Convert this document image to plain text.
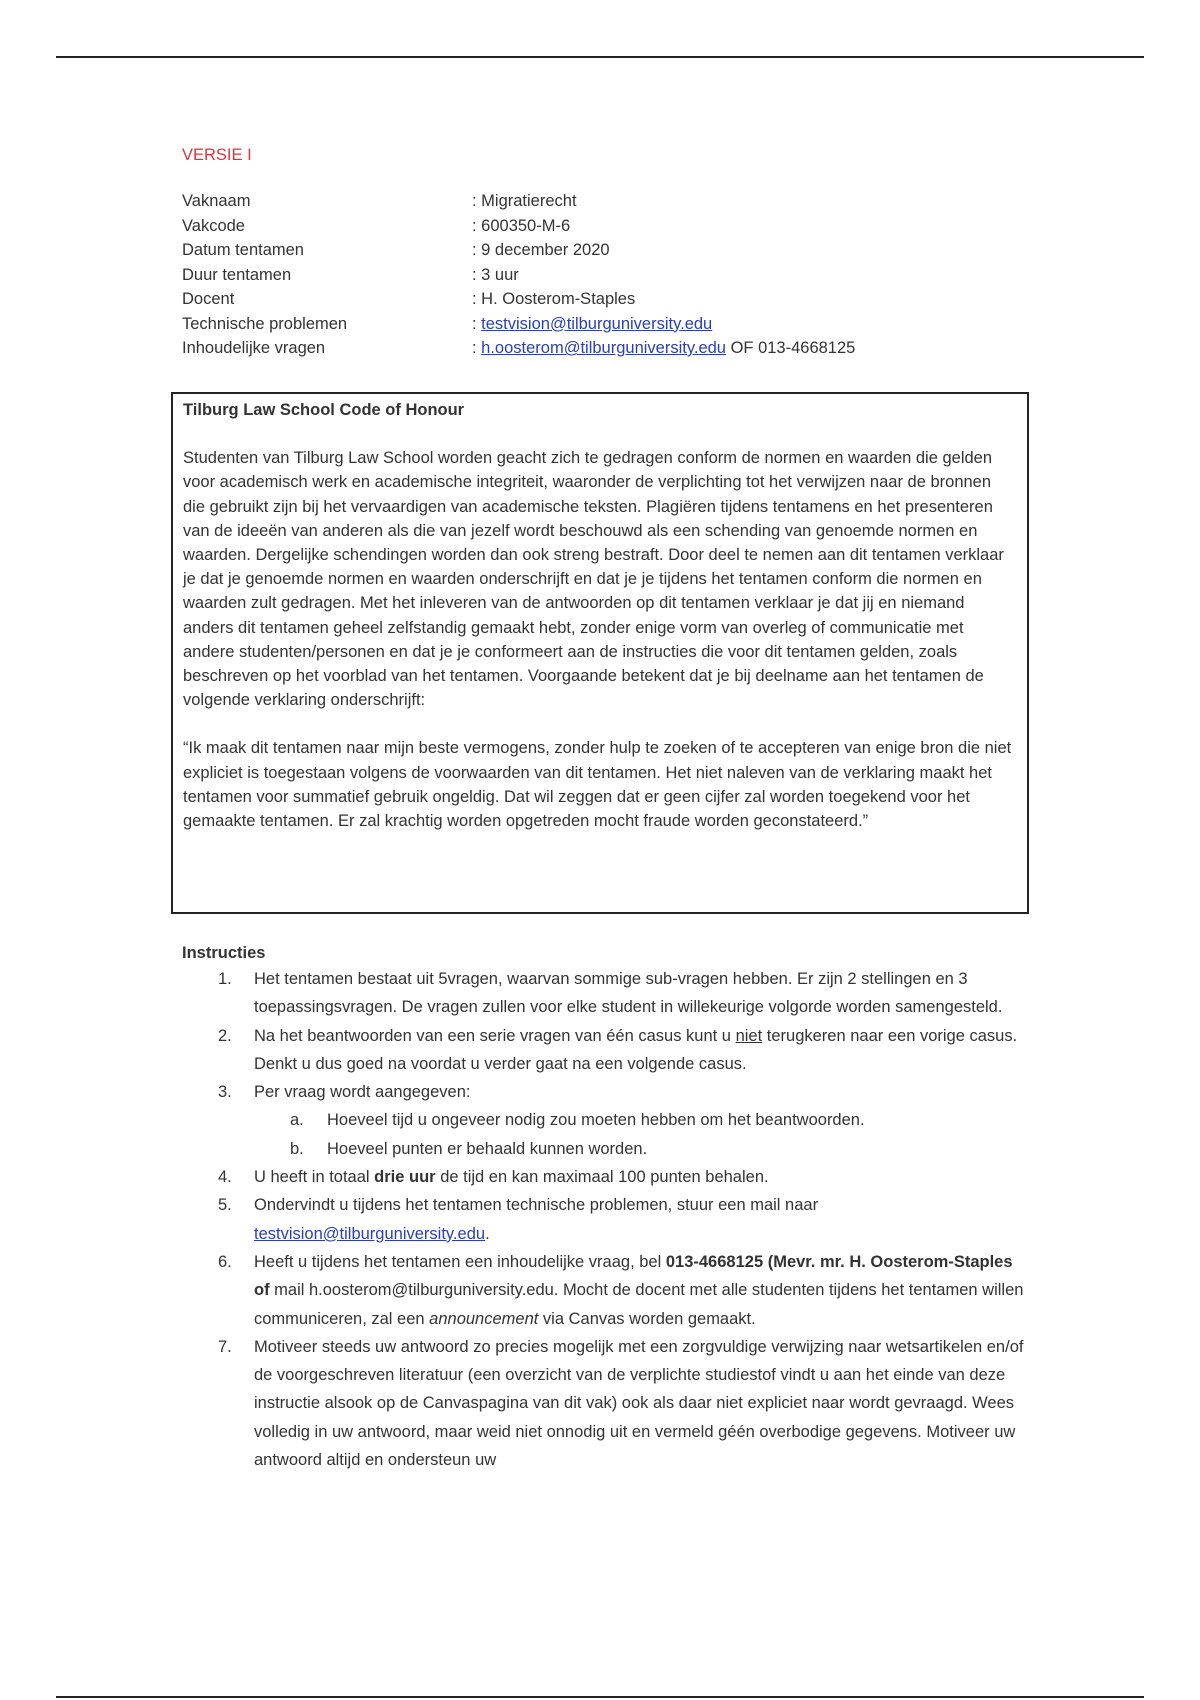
VERSIE I
Vaknaam	: Migratierecht
Vakcode	: 600350-M-6
Datum tentamen	: 9 december 2020
Duur tentamen	: 3 uur
Docent	: H. Oosterom-Staples
Technische problemen	: testvision@tilburguniversity.edu
Inhoudelijke vragen	: h.oosterom@tilburguniversity.edu OF 013-4668125
Tilburg Law School Code of Honour

Studenten van Tilburg Law School worden geacht zich te gedragen conform de normen en waarden die gelden voor academisch werk en academische integriteit, waaronder de verplichting tot het verwijzen naar de bronnen die gebruikt zijn bij het vervaardigen van academische teksten. Plagiëren tijdens tentamens en het presenteren van de ideeën van anderen als die van jezelf wordt beschouwd als een schending van genoemde normen en waarden. Dergelijke schendingen worden dan ook streng bestraft. Door deel te nemen aan dit tentamen verklaar je dat je genoemde normen en waarden onderschrijft en dat je je tijdens het tentamen conform die normen en waarden zult gedragen. Met het inleveren van de antwoorden op dit tentamen verklaar je dat jij en niemand anders dit tentamen geheel zelfstandig gemaakt hebt, zonder enige vorm van overleg of communicatie met andere studenten/personen en dat je je conformeert aan de instructies die voor dit tentamen gelden, zoals beschreven op het voorblad van het tentamen. Voorgaande betekent dat je bij deelname aan het tentamen de volgende verklaring onderschrijft:

“Ik maak dit tentamen naar mijn beste vermogens, zonder hulp te zoeken of te accepteren van enige bron die niet expliciet is toegestaan volgens de voorwaarden van dit tentamen. Het niet naleven van de verklaring maakt het tentamen voor summatief gebruik ongeldig. Dat wil zeggen dat er geen cijfer zal worden toegekend voor het gemaakte tentamen. Er zal krachtig worden opgetreden mocht fraude worden geconstateerd.”

Instructies
1. Het tentamen bestaat uit 5vragen, waarvan sommige sub-vragen hebben. Er zijn 2 stellingen en 3 toepassingsvragen. De vragen zullen voor elke student in willekeurige volgorde worden samengesteld.
2. Na het beantwoorden van een serie vragen van één casus kunt u niet terugkeren naar een vorige casus. Denkt u dus goed na voordat u verder gaat na een volgende casus.
3. Per vraag wordt aangegeven:
a. Hoeveel tijd u ongeveer nodig zou moeten hebben om het beantwoorden.
b. Hoeveel punten er behaald kunnen worden.
4. U heeft in totaal drie uur de tijd en kan maximaal 100 punten behalen.
5. Ondervindt u tijdens het tentamen technische problemen, stuur een mail naar testvision@tilburguniversity.edu.
6. Heeft u tijdens het tentamen een inhoudelijke vraag, bel 013-4668125 (Mevr. mr. H. Oosterom-Staples of mail h.oosterom@tilburguniversity.edu. Mocht de docent met alle studenten tijdens het tentamen willen communiceren, zal een announcement via Canvas worden gemaakt.
7. Motiveer steeds uw antwoord zo precies mogelijk met een zorgvuldige verwijzing naar wetsartikelen en/of de voorgeschreven literatuur (een overzicht van de verplichte studiestof vindt u aan het einde van deze instructie alsook op de Canvaspagina van dit vak) ook als daar niet expliciet naar wordt gevraagd. Wees volledig in uw antwoord, maar weid niet onnodig uit en vermeld géén overbodige gegevens. Motiveer uw antwoord altijd en ondersteun uw
